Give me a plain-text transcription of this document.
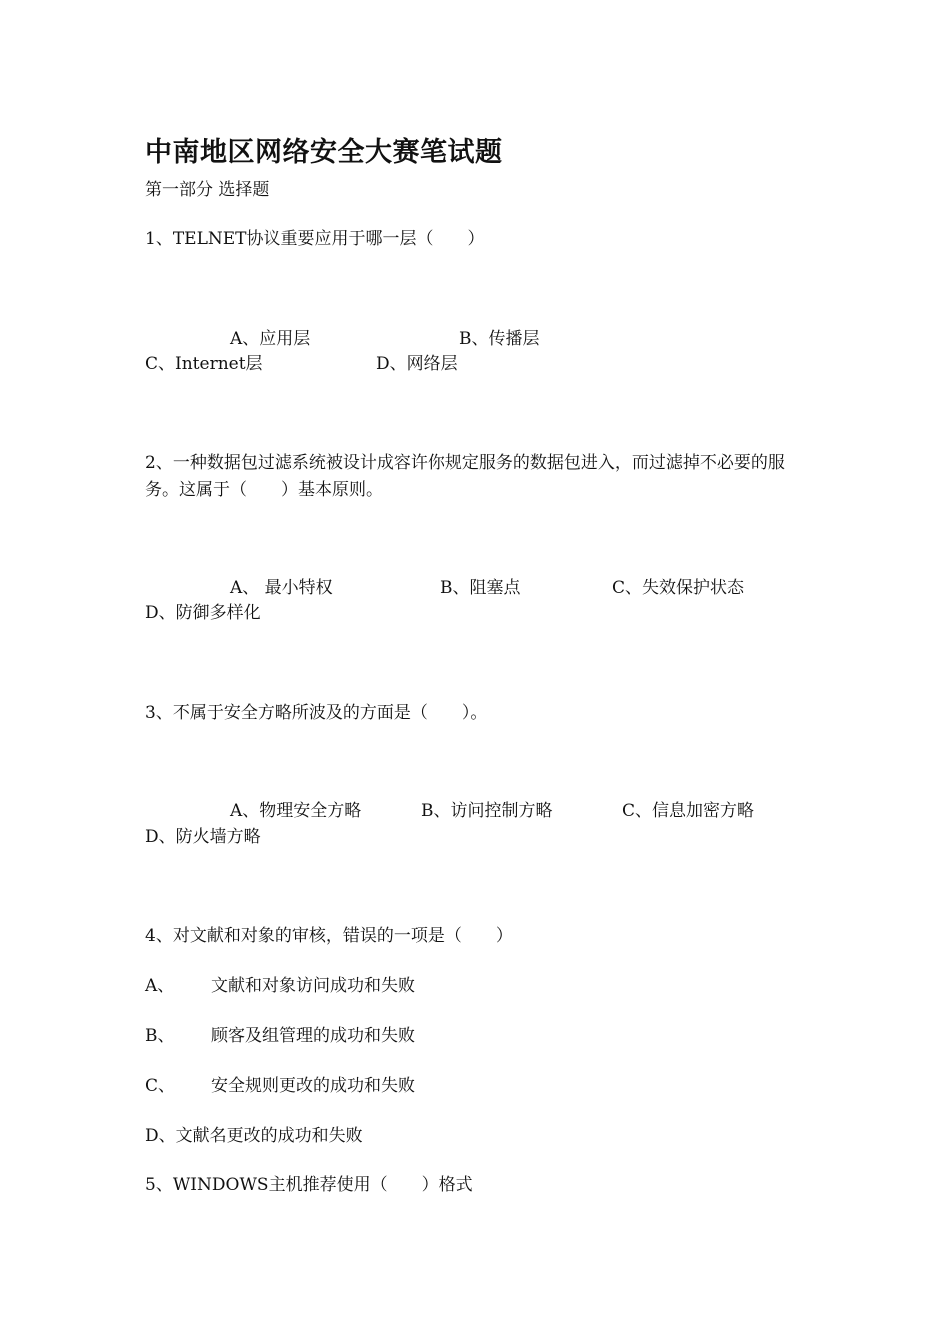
中南地区网络安全大赛笔试题
第一部分 选择题
1、TELNET协议重要应用于哪一层（　　）
A、应用层	B、传播层
C、Internet层	D、网络层
2、一种数据包过滤系统被设计成容许你规定服务的数据包进入，而过滤掉不必要的服务。这属于（　　）基本原则。
A、 最小特权	B、阻塞点	C、失效保护状态
D、防御多样化
3、不属于安全方略所波及的方面是（　　）。
A、物理安全方略	B、访问控制方略	C、信息加密方略
D、防火墙方略
4、对文献和对象的审核，错误的一项是（　　）
A、 文献和对象访问成功和失败
B、 顾客及组管理的成功和失败
C、 安全规则更改的成功和失败
D、文献名更改的成功和失败
5、WINDOWS主机推荐使用（　　）格式
